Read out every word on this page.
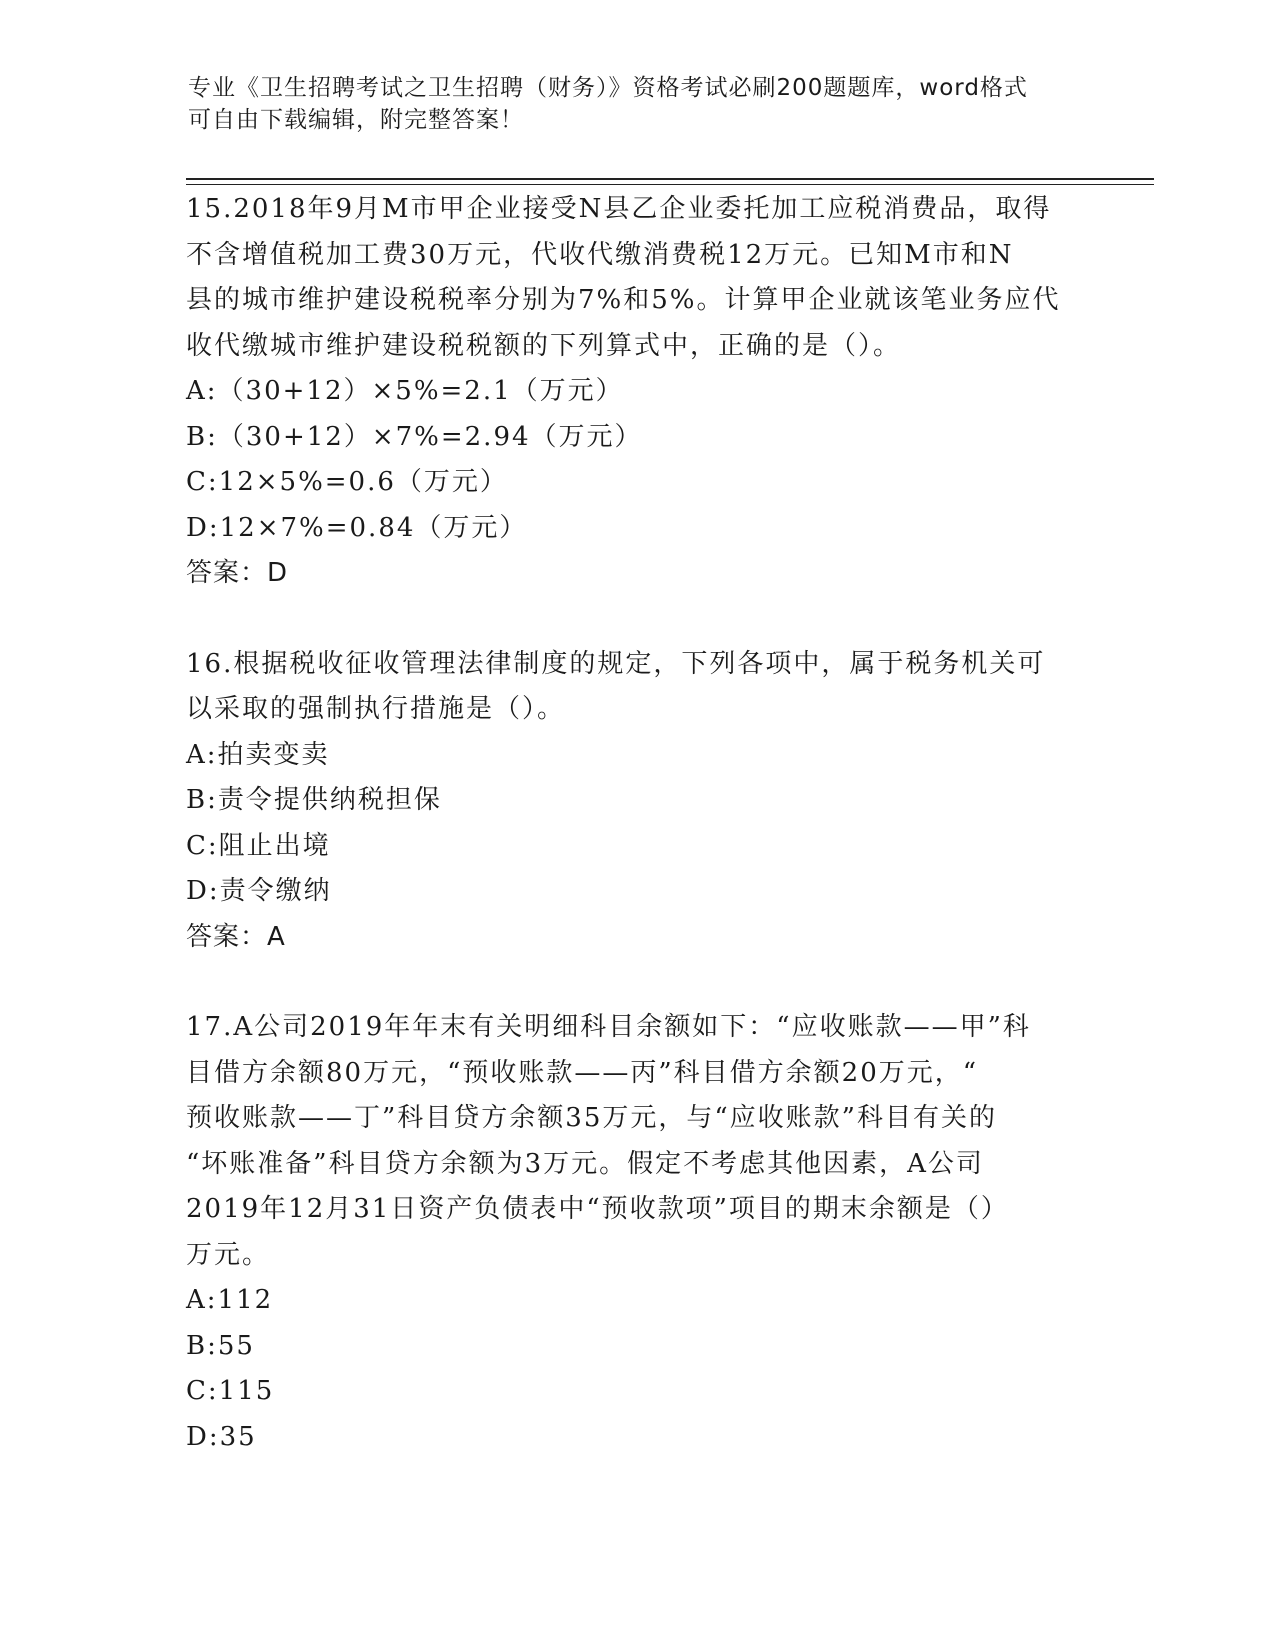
专业《卫生招聘考试之卫生招聘（财务）》资格考试必刷200题题库，word格式
可自由下载编辑，附完整答案！
15.2018年9月M市甲企业接受N县乙企业委托加工应税消费品，取得
不含增值税加工费30万元，代收代缴消费税12万元。已知M市和N
县的城市维护建设税税率分别为7%和5%。计算甲企业就该笔业务应代
收代缴城市维护建设税税额的下列算式中，正确的是（）。
A:（30+12）×5%=2.1（万元）
B:（30+12）×7%=2.94（万元）
C:12×5%=0.6（万元）
D:12×7%=0.84（万元）
答案：D
16.根据税收征收管理法律制度的规定，下列各项中，属于税务机关可
以采取的强制执行措施是（）。
A:拍卖变卖
B:责令提供纳税担保
C:阻止出境
D:责令缴纳
答案：A
17.A公司2019年年末有关明细科目余额如下：“应收账款——甲”科
目借方余额80万元，“预收账款——丙”科目借方余额20万元，“
预收账款——丁”科目贷方余额35万元，与“应收账款”科目有关的
“坏账准备”科目贷方余额为3万元。假定不考虑其他因素，A公司
2019年12月31日资产负债表中“预收款项”项目的期末余额是（）
万元。
A:112
B:55
C:115
D:35
